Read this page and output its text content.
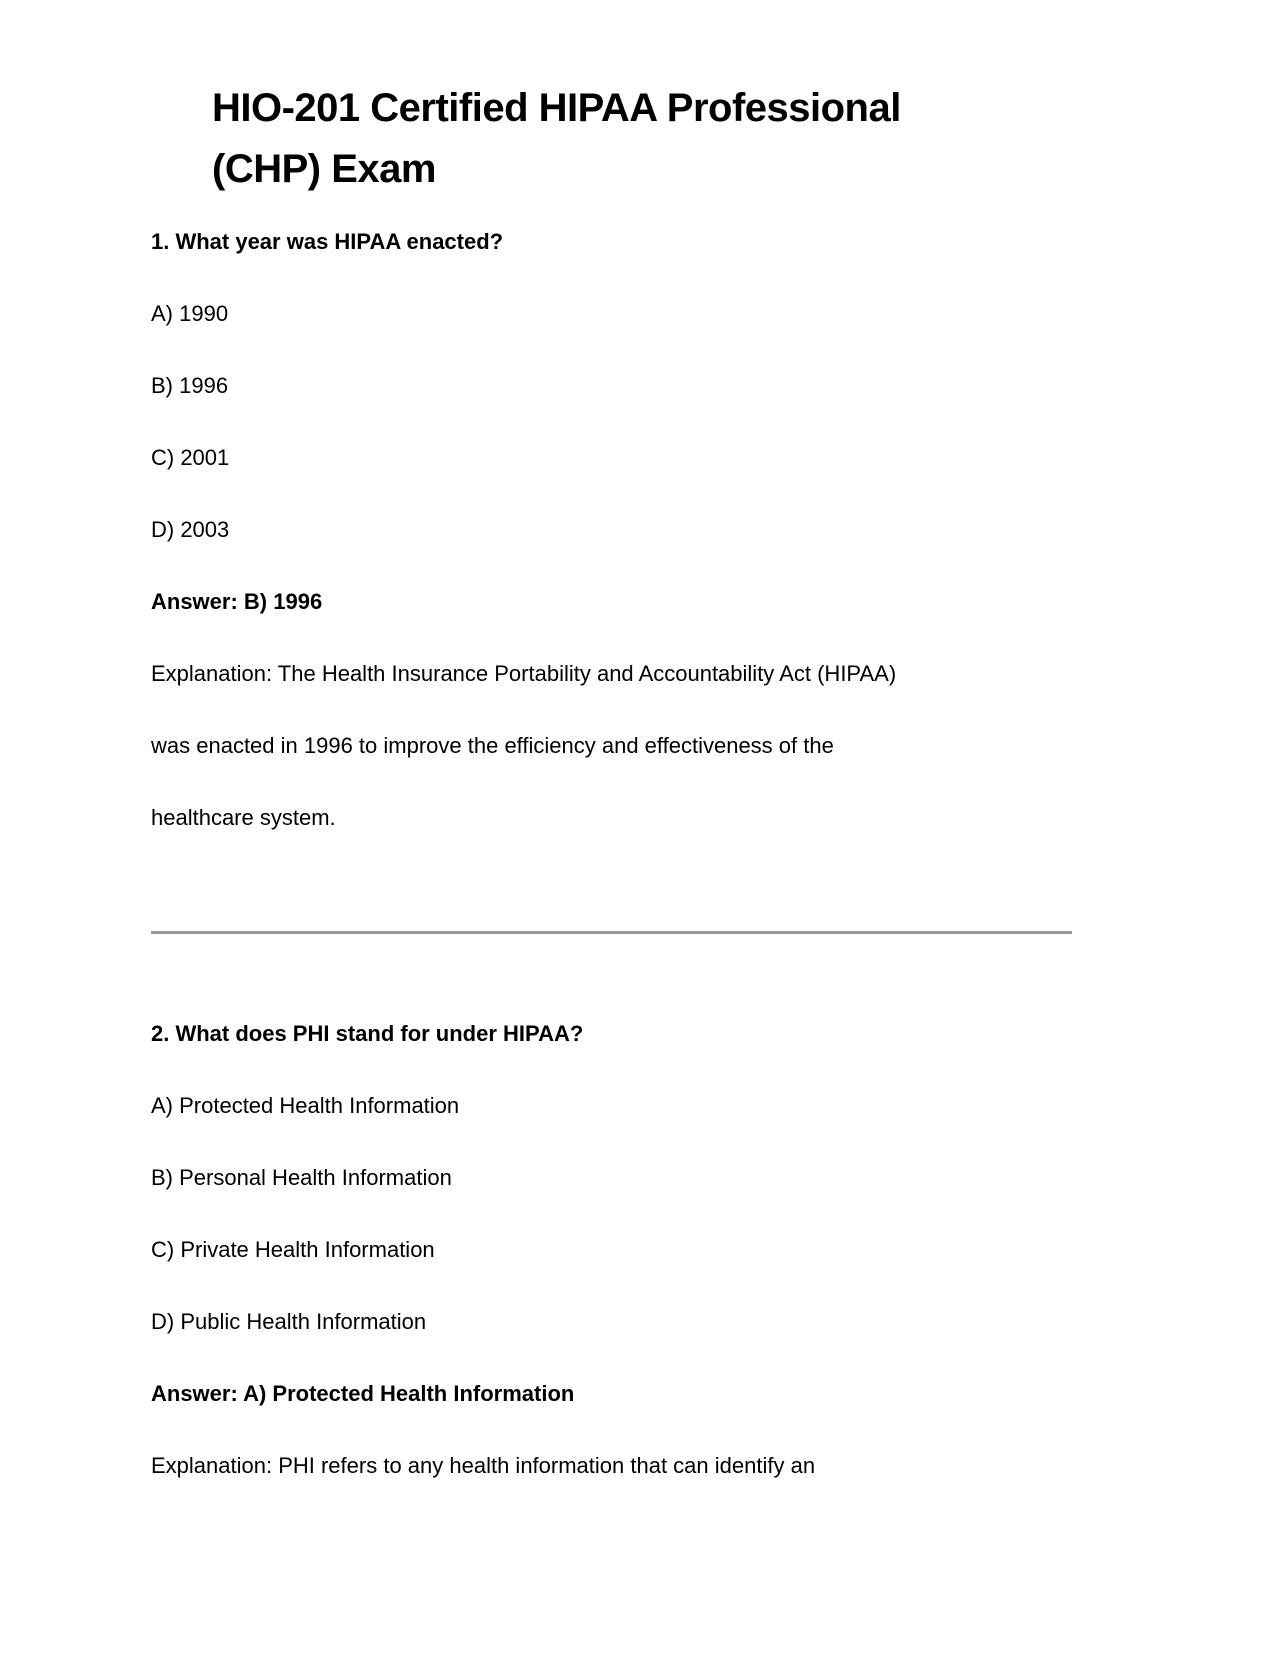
HIO-201 Certified HIPAA Professional
(CHP) Exam
1. What year was HIPAA enacted?
A) 1990
B) 1996
C) 2001
D) 2003
Answer: B) 1996
Explanation: The Health Insurance Portability and Accountability Act (HIPAA)
was enacted in 1996 to improve the efficiency and effectiveness of the
healthcare system.
2. What does PHI stand for under HIPAA?
A) Protected Health Information
B) Personal Health Information
C) Private Health Information
D) Public Health Information
Answer: A) Protected Health Information
Explanation: PHI refers to any health information that can identify an
